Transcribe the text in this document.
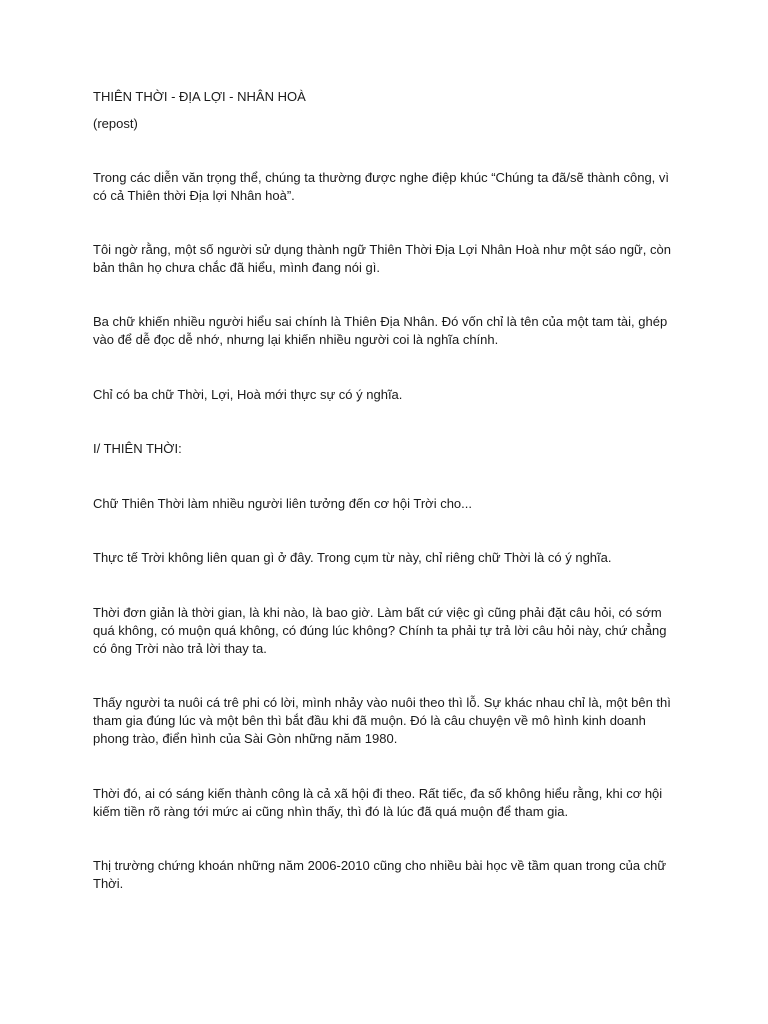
THIÊN THỜI - ĐỊA LỢI - NHÂN HOÀ

(repost)

Trong các diễn văn trọng thể, chúng ta thường được nghe điệp khúc “Chúng ta đã/sẽ thành công, vì có cả Thiên thời Địa lợi Nhân hoà”.

Tôi ngờ rằng, một số người sử dụng thành ngữ Thiên Thời Địa Lợi Nhân Hoà như một sáo ngữ, còn bản thân họ chưa chắc đã hiểu, mình đang nói gì.

Ba chữ khiến nhiều người hiểu sai chính là Thiên Địa Nhân. Đó vốn chỉ là tên của một tam tài, ghép vào để dễ đọc dễ nhớ, nhưng lại khiến nhiều người coi là nghĩa chính.

Chỉ có ba chữ Thời, Lợi, Hoà mới thực sự có ý nghĩa.

I/ THIÊN THỜI:

Chữ Thiên Thời làm nhiều người liên tưởng đến cơ hội Trời cho...

Thực tế Trời không liên quan gì ở đây. Trong cụm từ này, chỉ riêng chữ Thời là có ý nghĩa.

Thời đơn giản là thời gian, là khi nào, là bao giờ. Làm bất cứ việc gì cũng phải đặt câu hỏi, có sớm quá không, có muộn quá không, có đúng lúc không? Chính ta phải tự trả lời câu hỏi này, chứ chẳng có ông Trời nào trả lời thay ta.

Thấy người ta nuôi cá trê phi có lời, mình nhảy vào nuôi theo thì lỗ. Sự khác nhau chỉ là, một bên thì tham gia đúng lúc và một bên thì bắt đầu khi đã muộn. Đó là câu chuyện về mô hình kinh doanh phong trào, điển hình của Sài Gòn những năm 1980.

Thời đó, ai có sáng kiến thành công là cả xã hội đi theo. Rất tiếc, đa số không hiểu rằng, khi cơ hội kiếm tiền rõ ràng tới mức ai cũng nhìn thấy, thì đó là lúc đã quá muộn để tham gia.

Thị trường chứng khoán những năm 2006-2010 cũng cho nhiều bài học về tầm quan trong của chữ Thời.
